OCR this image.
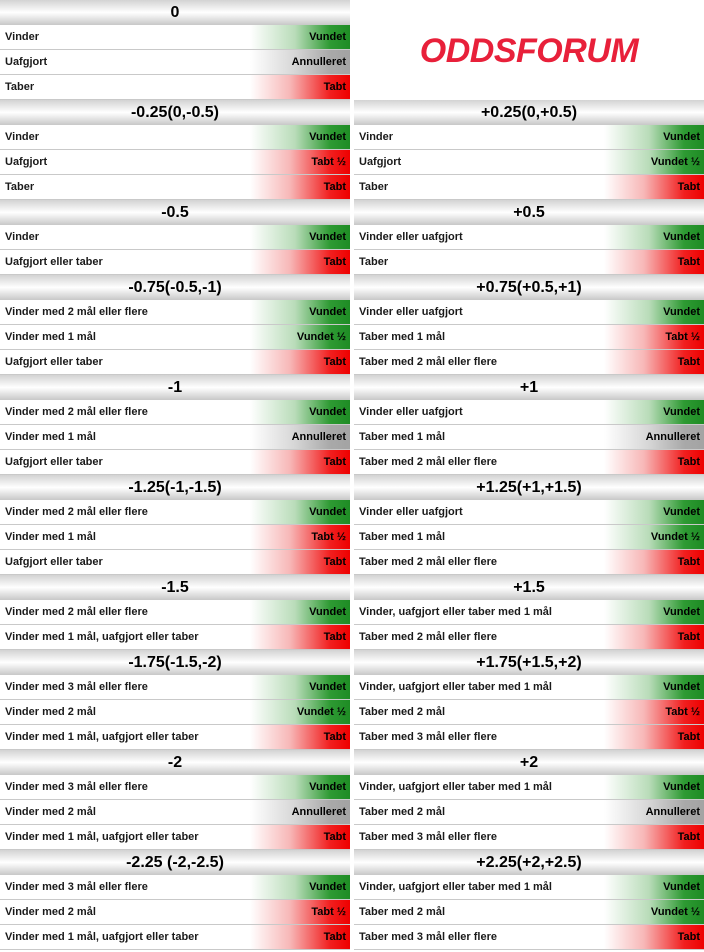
0
Vinder	Vundet
Uafgjort	Annulleret
Taber	Tabt
-0.25(0,-0.5)
Vinder	Vundet
Uafgjort	Tabt ½
Taber	Tabt
-0.5
Vinder	Vundet
Uafgjort eller taber	Tabt
-0.75(-0.5,-1)
Vinder med 2 mål eller flere	Vundet
Vinder med 1 mål	Vundet ½
Uafgjort eller taber	Tabt
-1
Vinder med 2 mål eller flere	Vundet
Vinder med 1 mål	Annulleret
Uafgjort eller taber	Tabt
-1.25(-1,-1.5)
Vinder med 2 mål eller flere	Vundet
Vinder med 1 mål	Tabt ½
Uafgjort eller taber	Tabt
-1.5
Vinder med 2 mål eller flere	Vundet
Vinder med 1 mål, uafgjort eller taber	Tabt
-1.75(-1.5,-2)
Vinder med 3 mål eller flere	Vundet
Vinder med 2 mål	Vundet ½
Vinder med 1 mål, uafgjort eller taber	Tabt
-2
Vinder med 3 mål eller flere	Vundet
Vinder med 2 mål	Annulleret
Vinder med 1 mål, uafgjort eller taber	Tabt
-2.25 (-2,-2.5)
Vinder med 3 mål eller flere	Vundet
Vinder med 2 mål	Tabt ½
Vinder med 1 mål, uafgjort eller taber	Tabt
ODDSFORUM
+0.25(0,+0.5)
Vinder	Vundet
Uafgjort	Vundet ½
Taber	Tabt
+0.5
Vinder eller uafgjort	Vundet
Taber	Tabt
+0.75(+0.5,+1)
Vinder eller uafgjort	Vundet
Taber med 1 mål	Tabt ½
Taber med 2 mål eller flere	Tabt
+1
Vinder eller uafgjort	Vundet
Taber med 1 mål	Annulleret
Taber med 2 mål eller flere	Tabt
+1.25(+1,+1.5)
Vinder eller uafgjort	Vundet
Taber med 1 mål	Vundet ½
Taber med 2 mål eller flere	Tabt
+1.5
Vinder, uafgjort eller taber med 1 mål	Vundet
Taber med 2 mål eller flere	Tabt
+1.75(+1.5,+2)
Vinder, uafgjort eller taber med 1 mål	Vundet
Taber med 2 mål	Tabt ½
Taber med 3 mål eller flere	Tabt
+2
Vinder, uafgjort eller taber med 1 mål	Vundet
Taber med 2 mål	Annulleret
Taber med 3 mål eller flere	Tabt
+2.25(+2,+2.5)
Vinder, uafgjort eller taber med 1 mål	Vundet
Taber med 2 mål	Vundet ½
Taber med 3 mål eller flere	Tabt
